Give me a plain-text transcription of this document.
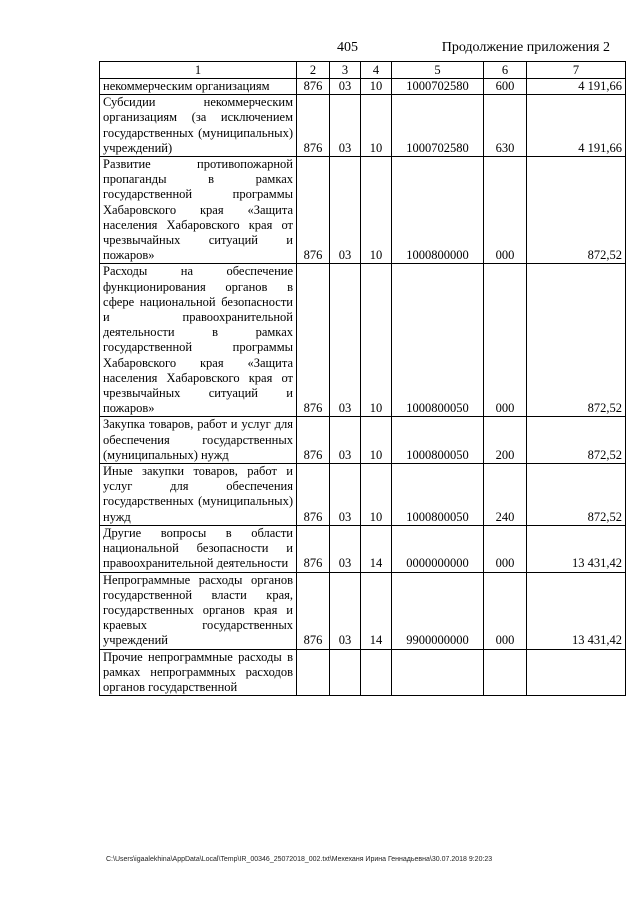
405	Продолжение приложения 2
1	2	3	4	5	6	7
некоммерческим организациям	876	03	10	1000702580	600	4 191,66
Субсидии некоммерческим организациям (за исключением государственных (муниципальных) учреждений)	876	03	10	1000702580	630	4 191,66
Развитие противопожарной пропаганды в рамках государственной программы Хабаровского края «Защита населения Хабаровского края от чрезвычайных ситуаций и пожаров»	876	03	10	1000800000	000	872,52
Расходы на обеспечение функционирования органов в сфере национальной безопасности и правоохранительной деятельности в рамках государственной программы Хабаровского края «Защита населения Хабаровского края от чрезвычайных ситуаций и пожаров»	876	03	10	1000800050	000	872,52
Закупка товаров, работ и услуг для обеспечения государственных (муниципальных) нужд	876	03	10	1000800050	200	872,52
Иные закупки товаров, работ и услуг для обеспечения государственных (муниципальных) нужд	876	03	10	1000800050	240	872,52
Другие вопросы в области национальной безопасности и правоохранительной деятельности	876	03	14	0000000000	000	13 431,42
Непрограммные расходы органов государственной власти края, государственных органов края и краевых государственных учреждений	876	03	14	9900000000	000	13 431,42
Прочие непрограммные расходы в рамках непрограммных расходов органов государственной						
C:\Users\igaalekhina\AppData\Local\Temp\IR_00346_25072018_002.txt\Мехеханя Ирина Геннадьевна\30.07.2018 9:20:23
